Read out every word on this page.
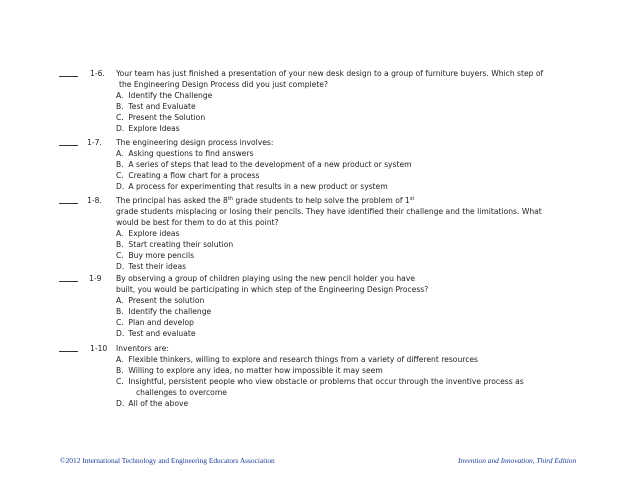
1-6. Your team has just finished a presentation of your new desk design to a group of furniture buyers. Which step of
the Engineering Design Process did you just complete?
A. Identify the Challenge
B. Test and Evaluate
C. Present the Solution
D. Explore Ideas
1-7. The engineering design process involves:
A. Asking questions to find answers
B. A series of steps that lead to the development of a new product or system
C. Creating a flow chart for a process
D. A process for experimenting that results in a new product or system
1-8. The principal has asked the 8th grade students to help solve the problem of 1st
grade students misplacing or losing their pencils. They have identified their challenge and the limitations. What
would be best for them to do at this point?
A. Explore ideas
B. Start creating their solution
C. Buy more pencils
D. Test their ideas
1-9 By observing a group of children playing using the new pencil holder you have
built, you would be participating in which step of the Engineering Design Process?
A. Present the solution
B. Identify the challenge
C. Plan and develop
D. Test and evaluate
1-10 Inventors are:
A. Flexible thinkers, willing to explore and research things from a variety of different resources
B. Willing to explore any idea, no matter how impossible it may seem
C. Insightful, persistent people who view obstacle or problems that occur through the inventive process as
challenges to overcome
D. All of the above
©2012 International Technology and Engineering Educators Association	Invention and Innovation, Third Edition
